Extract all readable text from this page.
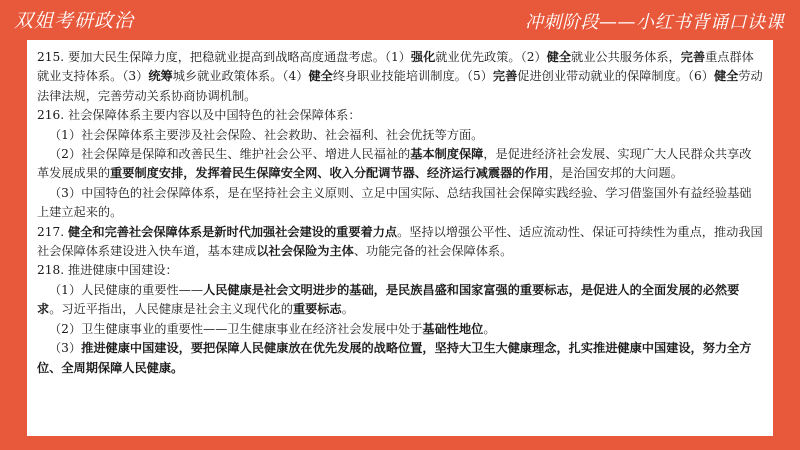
双姐考研政治	冲刺阶段——小红书背诵口诀课

215. 要加大民生保障力度，把稳就业提高到战略高度通盘考虑。（1）强化就业优先政策。（2）健全就业公共服务体系，完善重点群体就业支持体系。（3）统筹城乡就业政策体系。（4）健全终身职业技能培训制度。（5）完善促进创业带动就业的保障制度。（6）健全劳动法律法规，完善劳动关系协商协调机制。

216. 社会保障体系主要内容以及中国特色的社会保障体系：

（1）社会保障体系主要涉及社会保险、社会救助、社会福利、社会优抚等方面。

（2）社会保障是保障和改善民生、维护社会公平、增进人民福祉的基本制度保障，是促进经济社会发展、实现广大人民群众共享改革发展成果的重要制度安排，发挥着民生保障安全网、收入分配调节器、经济运行减震器的作用，是治国安邦的大问题。

（3）中国特色的社会保障体系，是在坚持社会主义原则、立足中国实际、总结我国社会保障实践经验、学习借鉴国外有益经验基础上建立起来的。

217. 健全和完善社会保障体系是新时代加强社会建设的重要着力点。坚持以增强公平性、适应流动性、保证可持续性为重点，推动我国社会保障体系建设进入快车道，基本建成以社会保险为主体、功能完备的社会保障体系。

218. 推进健康中国建设：

（1）人民健康的重要性——人民健康是社会文明进步的基础，是民族昌盛和国家富强的重要标志，是促进人的全面发展的必然要求。习近平指出，人民健康是社会主义现代化的重要标志。

（2）卫生健康事业的重要性——卫生健康事业在经济社会发展中处于基础性地位。

（3）推进健康中国建设，要把保障人民健康放在优先发展的战略位置，坚持大卫生大健康理念，扎实推进健康中国建设，努力全方位、全周期保障人民健康。
